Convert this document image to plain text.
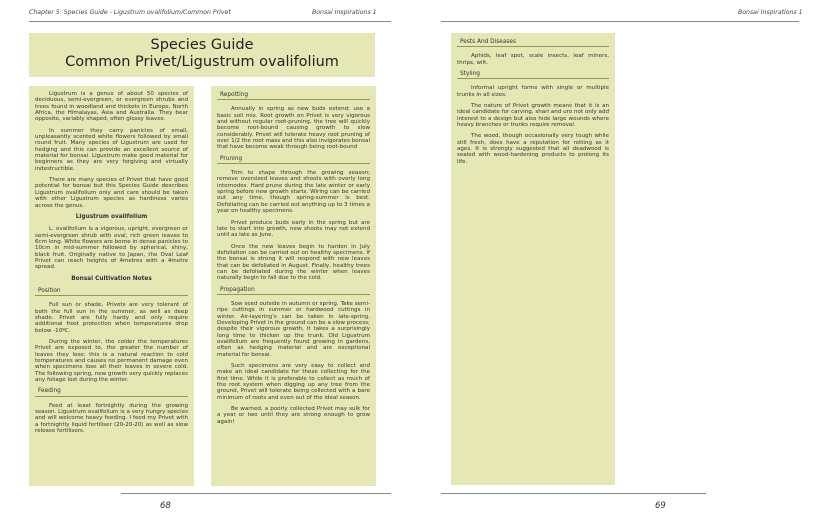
Chapter 5: Species Guide - Ligustrum ovalifolium/Common Privet	Bonsai Inspirations 1	Bonsai Inspirations 1
Species Guide
Common Privet/Ligustrum ovalifolium

Ligustrum is a genus of about 50 species of deciduous, semi-evergreen, or evergreen shrubs and trees found in woodland and thickets in Europe, North Africa, the Himalayas, Asia and Australia. They bear opposite, variably shaped, often glossy leaves.

In summer they carry panicles of small, unpleasantly scented white flowers followed by small round fruit. Many species of Ligustrum are used for hedging and this can provide an excellent source of material for bonsai. Ligustrum make good material for beginners as they are very forgiving and virtually indestructible.

There are many species of Privet that have good potential for bonsai but this Species Guide describes Ligustrum ovalifolium only and care should be taken with other Ligustrum species as hardiness varies across the genus.

Ligustrum ovalifolium

L. ovalifolium is a vigorous, upright, evergreen or semi-evergreen shrub with oval, rich green leaves to 6cm long. White flowers are borne in dense panicles to 10cm in mid-summer followed by spherical, shiny, black fruit. Originally native to Japan, the Oval Leaf Privet can reach heights of 4metres with a 4metre spread.

Bonsai Cultivation Notes
Position

Full sun or shade, Privets are very tolerant of both the full sun in the summer, as well as deep shade. Privet are fully hardy and only require additional frost protection when temperatures drop below -10ºC.

During the winter, the colder the temperatures Privet are exposed to, the greater the number of leaves they lose; this is a natural reaction to cold temperatures and causes no permanent damage even when specimens lose all their leaves in severe cold. The following spring, new growth very quickly replaces any foliage lost during the winter.

Feeding

Feed at least fortnightly during the growing season. Ligustrum ovalifolium is a very hungry species and will welcome heavy feeding. I feed my Privet with a fortnightly liquid fertiliser (20-20-20) as well as slow release fertilisers.

Repotting

Annually in spring as new buds extend; use a basic soil mix. Root growth on Privet is very vigorous and without regular root-pruning, the tree will quickly become root-bound causing growth to slow considerably. Privet will tolerate heavy root pruning of over 1/2 the root mass and this also invigorates bonsai that have become weak through being root-bound

Pruning

Trim to shape through the growing season; remove oversized leaves and shoots with overly long internodes. Hard prune during the late winter or early spring before new growth starts. Wiring can be carried out any time, though spring-summer is best. Defoliating can be carried out anything up to 3 times a year on healthy specimens.

Privet produce buds early in the spring but are late to start into growth, new shoots may not extend until as late as June.

Once the new leaves begin to harden in July defoliation can be carried out on healthy specimens. If the bonsai is strong it will respond with new leaves that can be defoliated in August. Finally, healthy trees can be defoliated during the winter when leaves naturally begin to fall due to the cold.

Propagation

Sow seed outside in autumn or spring. Take semi-ripe cuttings in summer or hardwood cuttings in winter. Air-layering's can be taken in late-spring. Developing Privet in the ground can be a slow process; despite their vigorous growth, it takes a surprisingly long time to thicken up the trunk. Old Ligustrum ovalifolium are frequently found growing in gardens, often as hedging material and are exceptional material for bonsai.

Such specimens are very easy to collect and make an ideal candidate for those collecting for the first time. While it is preferable to collect as much of the root system when digging up any tree from the ground, Privet will tolerate being collected with a bare minimum of roots and even out of the ideal season.

Be warned, a poorly collected Privet may sulk for a year or two until they are strong enough to grow again!

Pests And Diseases

Aphids, leaf spot, scale insects, leaf miners, thrips, wilt.

Styling

Informal upright forms with single or multiple trunks in all sizes.

The nature of Privet growth means that it is an ideal candidate for carving, shari and uro not only add interest to a design but also hide large wounds where heavy branches or trunks require removal.

The wood, though occasionally very tough while still fresh, does have a reputation for rotting as it ages. It is strongly suggested that all deadwood is sealed with wood-hardening products to prolong its life.

68	69
